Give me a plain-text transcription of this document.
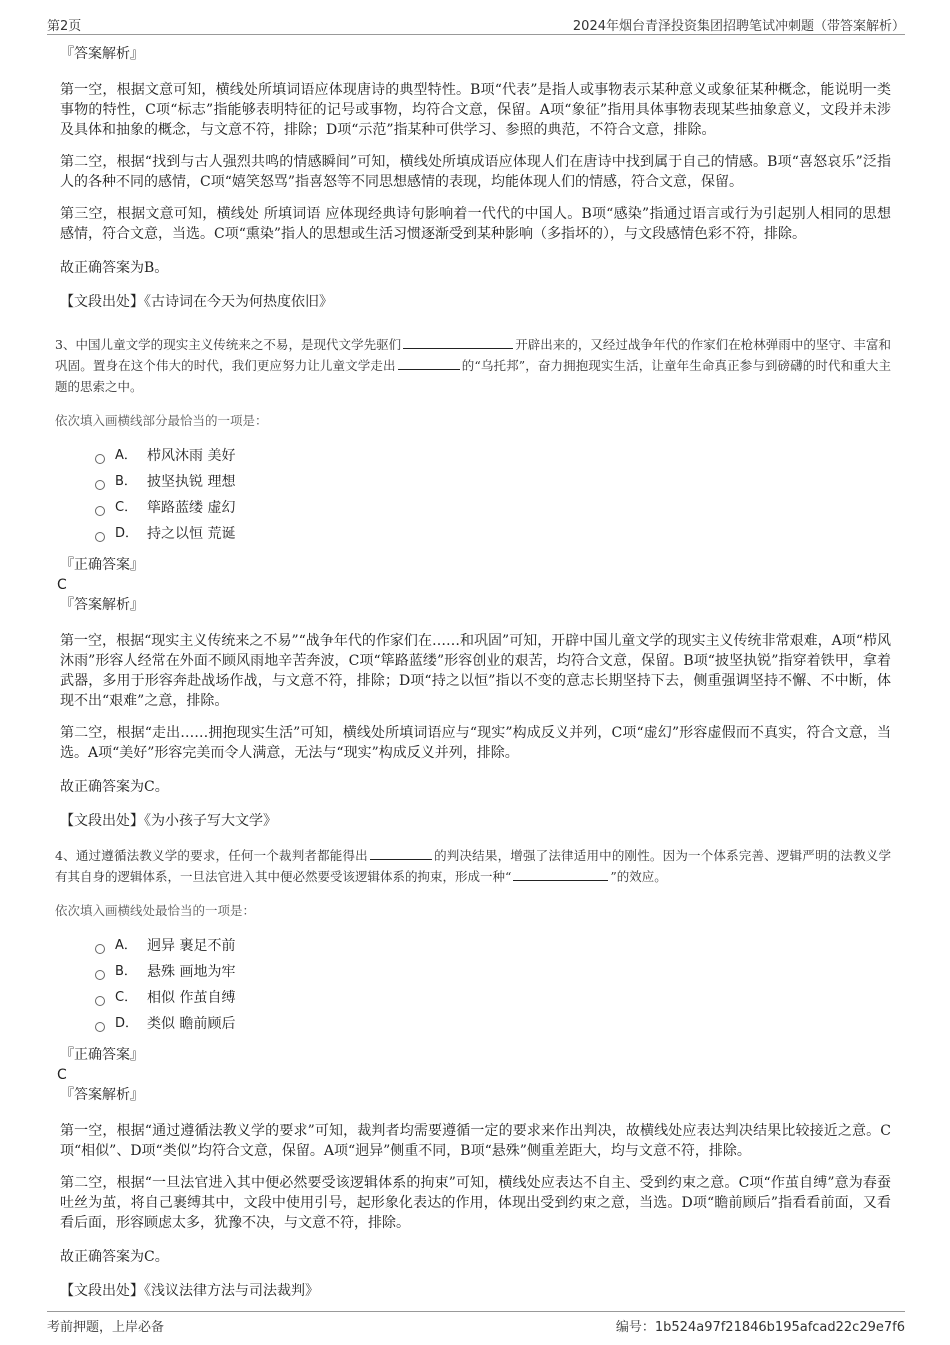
第2页	2024年烟台青泽投资集团招聘笔试冲刺题（带答案解析）
『答案解析』

第一空，根据文意可知，横线处所填词语应体现唐诗的典型特性。B项“代表”是指人或事物表示某种意义或象征某种概念，能说明一类事物的特性，C项“标志”指能够表明特征的记号或事物，均符合文意，保留。A项“象征”指用具体事物表现某些抽象意义，文段并未涉及具体和抽象的概念，与文意不符，排除；D项“示范”指某种可供学习、参照的典范，不符合文意，排除。

第二空，根据“找到与古人强烈共鸣的情感瞬间”可知，横线处所填成语应体现人们在唐诗中找到属于自己的情感。B项“喜怒哀乐”泛指人的各种不同的感情，C项“嬉笑怒骂”指喜怒等不同思想感情的表现，均能体现人们的情感，符合文意，保留。

第三空，根据文意可知，横线处 所填词语 应体现经典诗句影响着一代代的中国人。B项“感染”指通过语言或行为引起别人相同的思想感情，符合文意，当选。C项“熏染”指人的思想或生活习惯逐渐受到某种影响（多指坏的），与文段感情色彩不符，排除。

故正确答案为B。

【文段出处】《古诗词在今天为何热度依旧》

3、中国儿童文学的现实主义传统来之不易，是现代文学先驱们	开辟出来的，又经过战争年代的作家们在枪林弹雨中的坚守、丰富和巩固。置身在这个伟大的时代，我们更应努力让儿童文学走出	的“乌托邦”，奋力拥抱现实生活，让童年生命真正参与到磅礴的时代和重大主题的思索之中。

依次填入画横线部分最恰当的一项是：

A． 栉风沐雨 美好
B． 披坚执锐 理想
C． 筚路蓝缕 虚幻
D． 持之以恒 荒诞
『正确答案』
C
『答案解析』

第一空，根据“现实主义传统来之不易”“战争年代的作家们在……和巩固”可知，开辟中国儿童文学的现实主义传统非常艰难，A项“栉风沐雨”形容人经常在外面不顾风雨地辛苦奔波，C项“筚路蓝缕”形容创业的艰苦，均符合文意，保留。B项“披坚执锐”指穿着铁甲，拿着武器，多用于形容奔赴战场作战，与文意不符，排除；D项“持之以恒”指以不变的意志长期坚持下去，侧重强调坚持不懈、不中断，体现不出“艰难”之意，排除。

第二空，根据“走出……拥抱现实生活”可知，横线处所填词语应与“现实”构成反义并列，C项“虚幻”形容虚假而不真实，符合文意，当选。A项“美好”形容完美而令人满意，无法与“现实”构成反义并列，排除。

故正确答案为C。

【文段出处】《为小孩子写大文学》

4、通过遵循法教义学的要求，任何一个裁判者都能得出	的判决结果，增强了法律适用中的刚性。因为一个体系完善、逻辑严明的法教义学有其自身的逻辑体系，一旦法官进入其中便必然要受该逻辑体系的拘束，形成一种“	”的效应。

依次填入画横线处最恰当的一项是：

A． 迥异 裹足不前
B． 悬殊 画地为牢
C． 相似 作茧自缚
D． 类似 瞻前顾后
『正确答案』
C
『答案解析』

第一空，根据“通过遵循法教义学的要求”可知，裁判者均需要遵循一定的要求来作出判决，故横线处应表达判决结果比较接近之意。C项“相似”、D项“类似”均符合文意，保留。A项“迥异”侧重不同，B项“悬殊”侧重差距大，均与文意不符，排除。

第二空，根据“一旦法官进入其中便必然要受该逻辑体系的拘束”可知，横线处应表达不自主、受到约束之意。C项“作茧自缚”意为春蚕吐丝为茧，将自己裹缚其中，文段中使用引号，起形象化表达的作用，体现出受到约束之意，当选。D项“瞻前顾后”指看看前面，又看看后面，形容顾虑太多，犹豫不决，与文意不符，排除。

故正确答案为C。

【文段出处】《浅议法律方法与司法裁判》

考前押题，上岸必备	编号：1b524a97f21846b195afcad22c29e7f6
